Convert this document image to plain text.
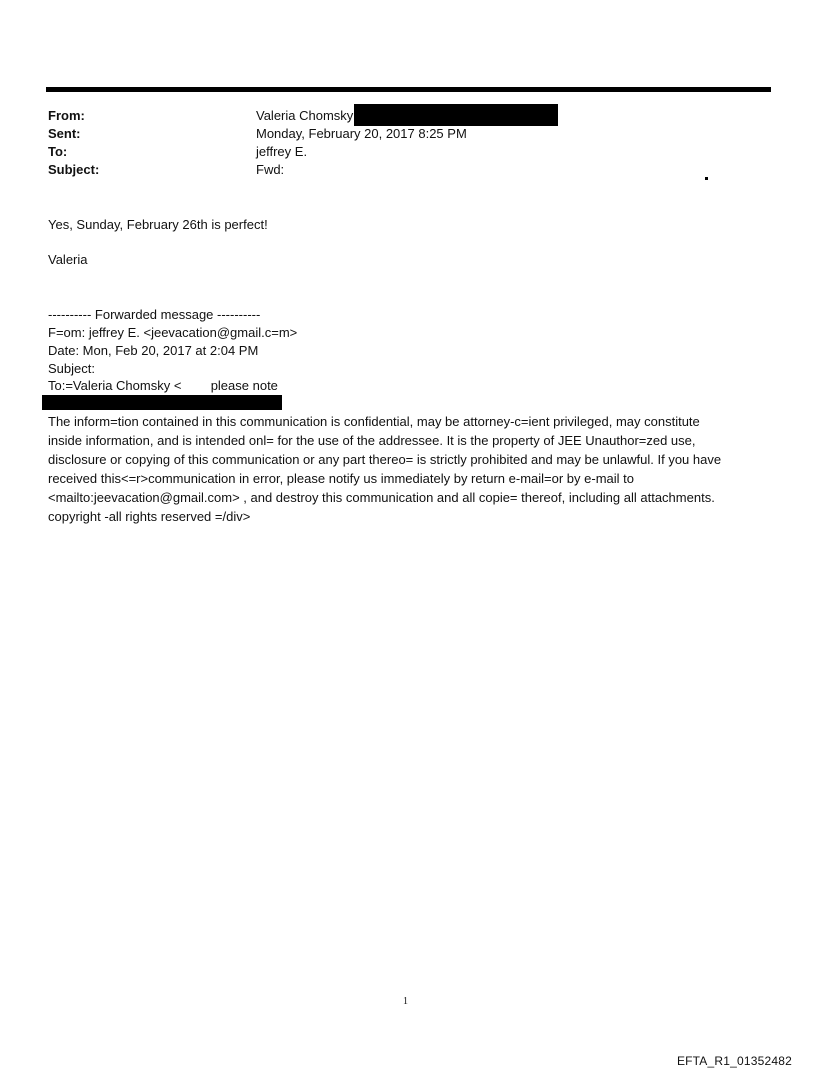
From:	Valeria Chomsky
Sent:	Monday, February 20, 2017 8:25 PM
To:	jeffrey E.
Subject:	Fwd:
Yes, Sunday, February 26th is perfect!
Valeria
---------- Forwarded message ----------
F=om: jeffrey E. <jeevacation@gmail.c=m>
Date: Mon, Feb 20, 2017 at 2:04 PM
Subject:
To:=Valeria Chomsky < please note
The inform=tion contained in this communication is confidential, may be attorney-c=ient privileged, may constitute
inside information, and is intended onl= for the use of the addressee. It is the property of JEE Unauthor=zed use,
disclosure or copying of this communication or any part thereo= is strictly prohibited and may be unlawful. If you have
received this<=r>communication in error, please notify us immediately by return e-mail=or by e-mail to
<mailto:jeevacation@gmail.com> , and destroy this communication and all copie= thereof, including all attachments.
copyright -all rights reserved =/div>
1
EFTA_R1_01352482
